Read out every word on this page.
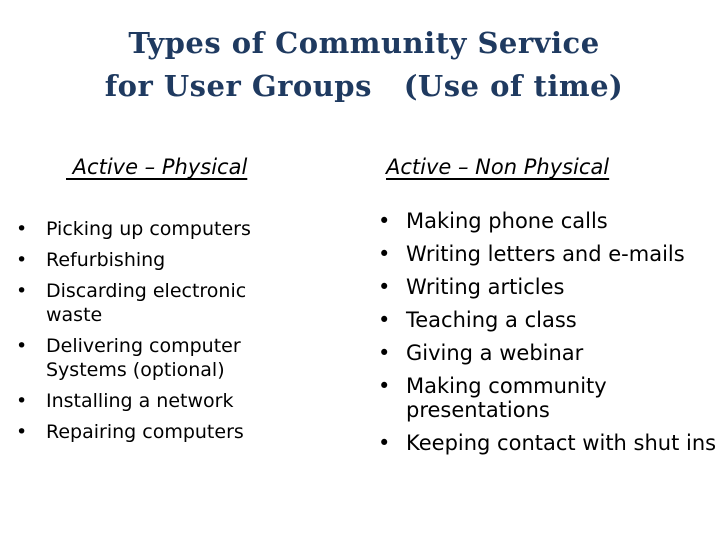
Types of Community Service
for User Groups   (Use of time)
Active – Physical	Active – Non Physical
• Picking up computers
• Refurbishing
• Discarding electronic waste
• Delivering computer Systems (optional)
• Installing a network
• Repairing computers
• Making phone calls
• Writing letters and e-mails
• Writing articles
• Teaching a class
• Giving a webinar
• Making community presentations
• Keeping contact with shut ins
